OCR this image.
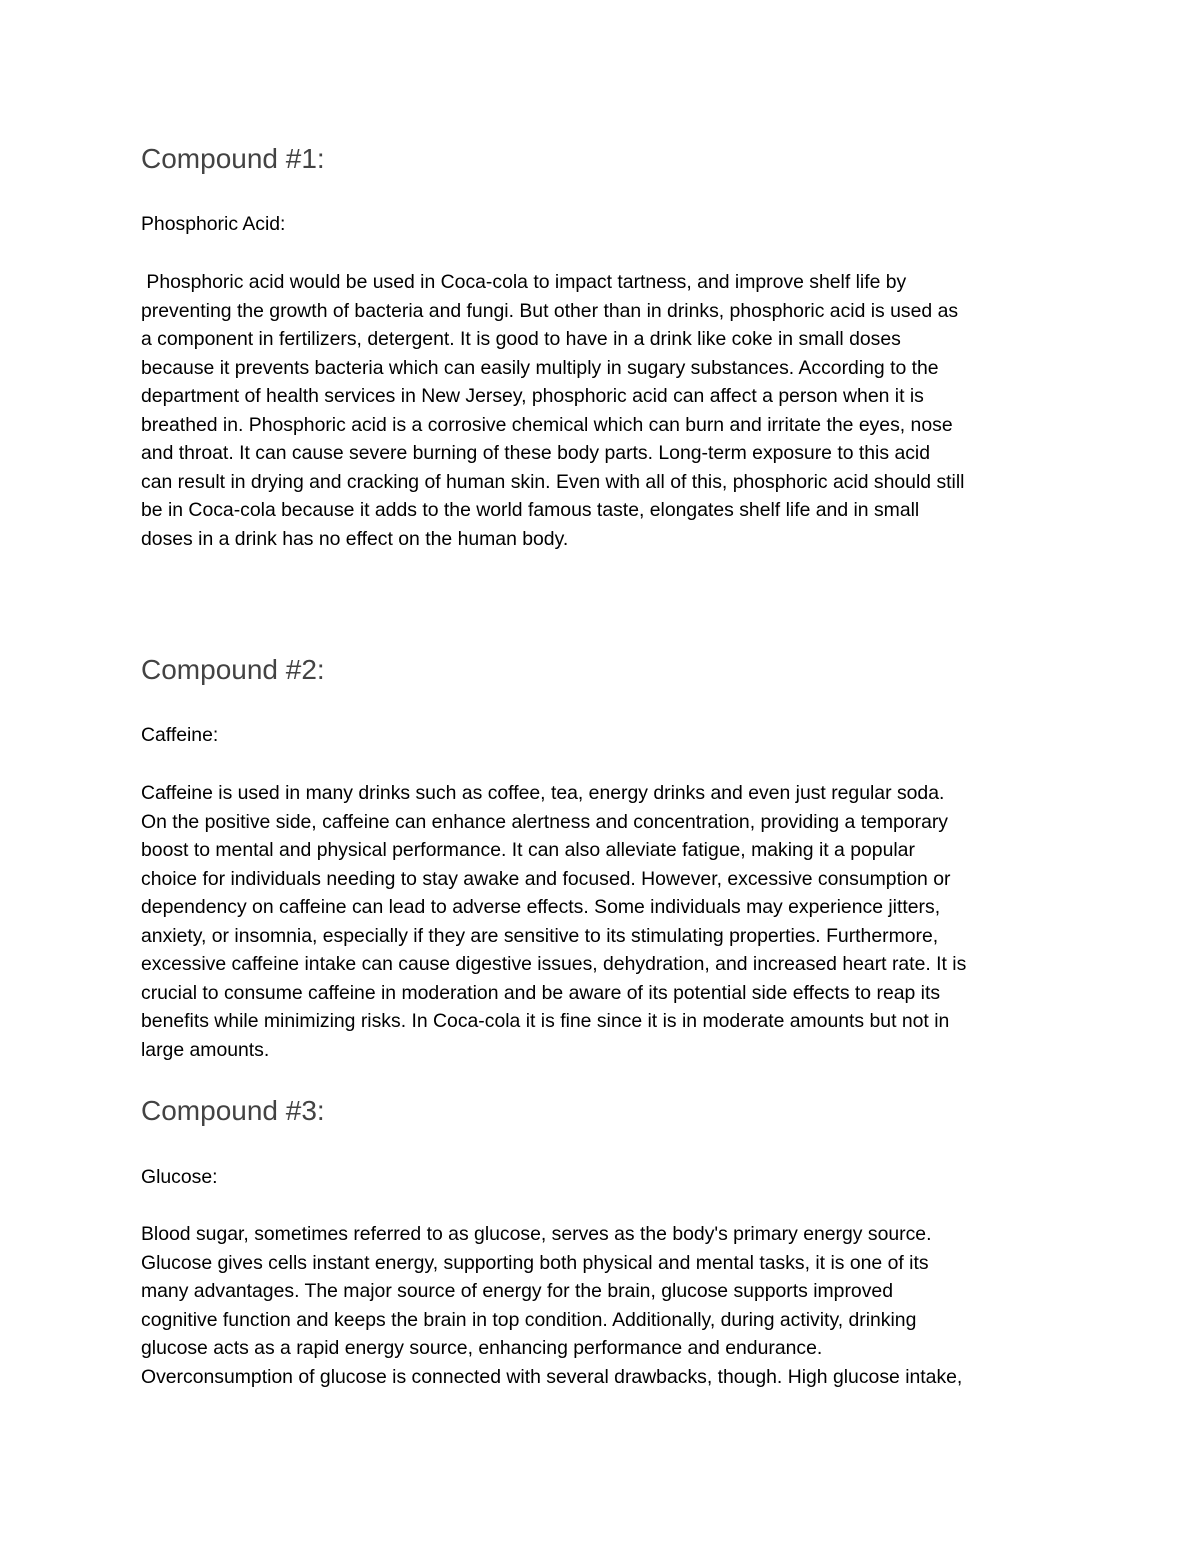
Compound #1:

Phosphoric Acid:

Phosphoric acid would be used in Coca-cola to impact tartness, and improve shelf life by

preventing the growth of bacteria and fungi. But other than in drinks, phosphoric acid is used as

a component in fertilizers, detergent. It is good to have in a drink like coke in small doses

because it prevents bacteria which can easily multiply in sugary substances. According to the

department of health services in New Jersey, phosphoric acid can affect a person when it is

breathed in. Phosphoric acid is a corrosive chemical which can burn and irritate the eyes, nose

and throat. It can cause severe burning of these body parts. Long-term exposure to this acid

can result in drying and cracking of human skin. Even with all of this, phosphoric acid should still

be in Coca-cola because it adds to the world famous taste, elongates shelf life and in small

doses in a drink has no effect on the human body.

Compound #2:

Caffeine:

Caffeine is used in many drinks such as coffee, tea, energy drinks and even just regular soda.

On the positive side, caffeine can enhance alertness and concentration, providing a temporary

boost to mental and physical performance. It can also alleviate fatigue, making it a popular

choice for individuals needing to stay awake and focused. However, excessive consumption or

dependency on caffeine can lead to adverse effects. Some individuals may experience jitters,

anxiety, or insomnia, especially if they are sensitive to its stimulating properties. Furthermore,

excessive caffeine intake can cause digestive issues, dehydration, and increased heart rate. It is

crucial to consume caffeine in moderation and be aware of its potential side effects to reap its

benefits while minimizing risks. In Coca-cola it is fine since it is in moderate amounts but not in

large amounts.

Compound #3:

Glucose:

Blood sugar, sometimes referred to as glucose, serves as the body's primary energy source.

Glucose gives cells instant energy, supporting both physical and mental tasks, it is one of its

many advantages. The major source of energy for the brain, glucose supports improved

cognitive function and keeps the brain in top condition. Additionally, during activity, drinking

glucose acts as a rapid energy source, enhancing performance and endurance.

Overconsumption of glucose is connected with several drawbacks, though. High glucose intake,
